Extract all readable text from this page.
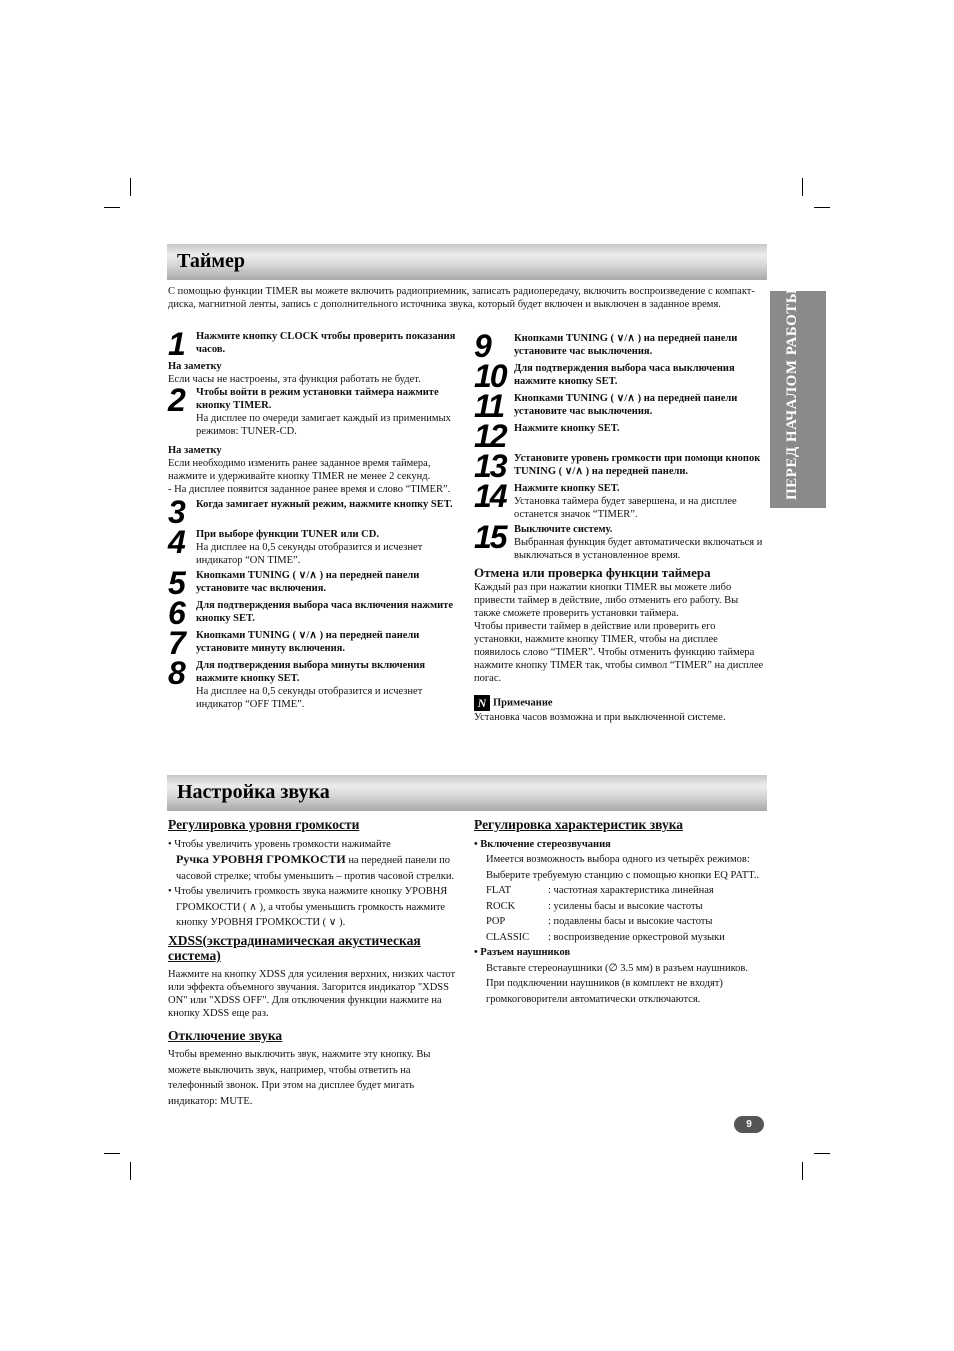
Таймер
С помощью функции TIMER вы можете включить радиоприемник, записать радиопередачу, включить воспроизведение с компакт-диска, магнитной ленты, запись с дополнительного источника звука, который будет включен и выключен в заданное время.	ПЕРЕД НАЧАЛОМ РАБОТЫ
1	Нажмите кнопку CLOCK чтобы проверить показания часов.
На заметку
Если часы не настроены, эта функция работать не будет.
2	Чтобы войти в режим установки таймера нажмите кнопку TIMER.
На дисплее по очереди замигает каждый из применимых режимов: TUNER-CD.
На заметку
Если необходимо изменить ранее заданное время таймера, нажмите и удерживайте кнопку TIMER не менее 2 секунд.
- На дисплее появится заданное ранее время и слово “TIMER”.
3	Когда замигает нужный режим, нажмите кнопку SET.
4	При выборе функции TUNER или CD.
На дисплее на 0,5 секунды отобразится и исчезнет индикатор “ON TIME”.
5	Кнопками TUNING ( ∨/∧ ) на передней панели установите час включения.
6	Для подтверждения выбора часа включения нажмите кнопку SET.
7	Кнопками TUNING ( ∨/∧ ) на передней панели установите минуту включения.
8	Для подтверждения выбора минуты включения нажмите кнопку SET.
На дисплее на 0,5 секунды отобразится и исчезнет индикатор “OFF TIME”.
9	Кнопками TUNING ( ∨/∧ ) на передней панели установите час выключения.
10 Для подтверждения выбора часа выключения нажмите кнопку SET.
11	Кнопками TUNING ( ∨/∧ ) на передней панели установите час выключения.
12 Нажмите кнопку SET.
13 Установите уровень громкости при помощи кнопок TUNING ( ∨/∧ ) на передней панели.
14 Нажмите кнопку SET.
Установка таймера будет завершена, и на дисплее останется значок “TIMER”.
15 Выключите систему.
Выбранная функция будет автоматически включаться и выключаться в установленное время.
Отмена или проверка функции таймера
Каждый раз при нажатии кнопки TIMER вы можете либо привести таймер в действие, либо отменить его работу. Вы также сможете проверить установки таймера.
Чтобы привести таймер в действие или проверить его установки, нажмите кнопку TIMER, чтобы на дисплее появилось слово “TIMER”. Чтобы отменить функцию таймера нажмите кнопку TIMER так, чтобы символ “TIMER” на дисплее погас.
N Примечание
Установка часов возможна и при выключенной системе.
Настройка звука
Регулировка уровня громкости
• Чтобы увеличить уровень громкости нажимайте
Ручка УРОВНЯ ГРОМКОСТИ на передней панели по часовой стрелке; чтобы уменьшить – против часовой стрелки.
• Чтобы увеличить громкость звука нажмите кнопку УРОВНЯ ГРОМКОСТИ ( ∧ ), а чтобы уменьшить громкость нажмите кнопку УРОВНЯ ГРОМКОСТИ ( ∨ ).
XDSS(экстрадинамическая акустическая система)
Нажмите на кнопку XDSS для усиления верхних, низких частот или эффекта объемного звучания. Загорится индикатор "XDSS ON" или "XDSS OFF". Для отключения функции нажмите на кнопку XDSS еще раз.
Отключение звука
Чтобы временно выключить звук, нажмите эту кнопку. Вы можете выключить звук, например, чтобы ответить на телефонный звонок. При этом на дисплее будет мигать индикатор: MUTE.
Регулировка характеристик звука
• Включение стереозвучания
Имеется возможность выбора одного из четырёх режимов:
Выберите требуемую станцию с помощью кнопки EQ PATT..
FLAT	: частотная характеристика линейная
ROCK	: усилены басы и высокие частоты
POP	: подавлены басы и высокие частоты
CLASSIC	: воспроизведение оркестровой музыки
• Разъем наушников
Вставьте стереонаушники (∅ 3.5 мм) в разъем наушников.
При подключении наушников (в комплект не входят) громкоговорители автоматически отключаются.
9
